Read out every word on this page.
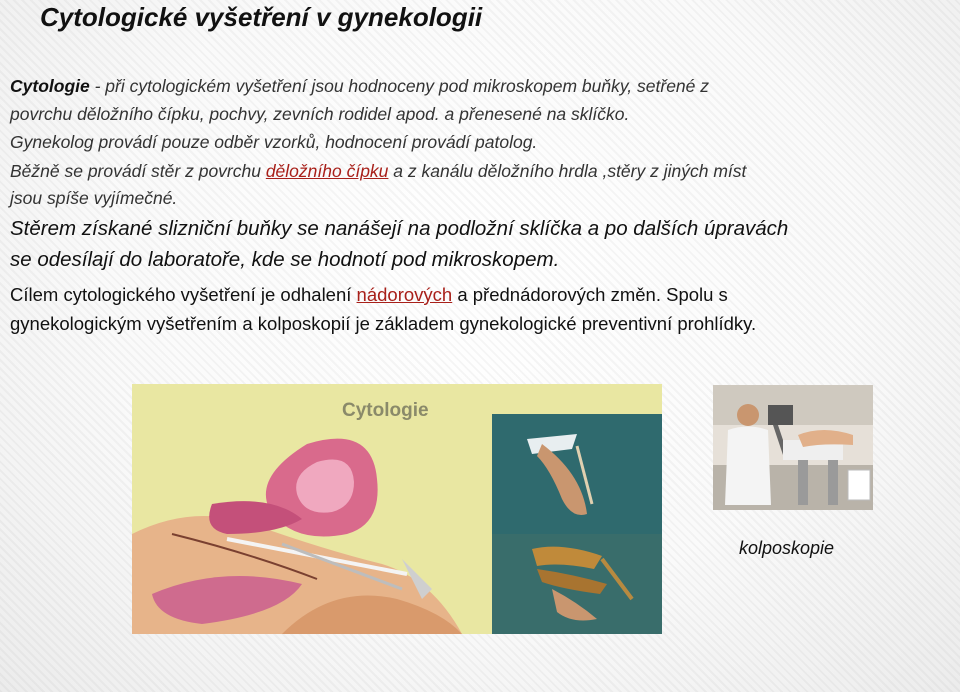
Cytologické vyšetření v gynekologii

Cytologie - při cytologickém vyšetření jsou hodnoceny pod mikroskopem buňky, setřené z
povrchu děložního čípku, pochvy, zevních rodidel apod. a přenesené na sklíčko.
Gynekolog provádí pouze odběr vzorků, hodnocení provádí patolog.

Běžně se provádí stěr z povrchu děložního čípku a z kanálu děložního hrdla ,stěry z jiných míst
jsou spíše vyjímečné.

Stěrem získané slizniční buňky se nanášejí na podložní sklíčka a po dalších úpravách
se odesílají do laboratoře, kde se hodnotí pod mikroskopem.

Cílem cytologického vyšetření je odhalení nádorových a přednádorových změn. Spolu s
gynekologickým vyšetřením a kolposkopií je základem gynekologické preventivní prohlídky.

Cytologie
kolposkopie
